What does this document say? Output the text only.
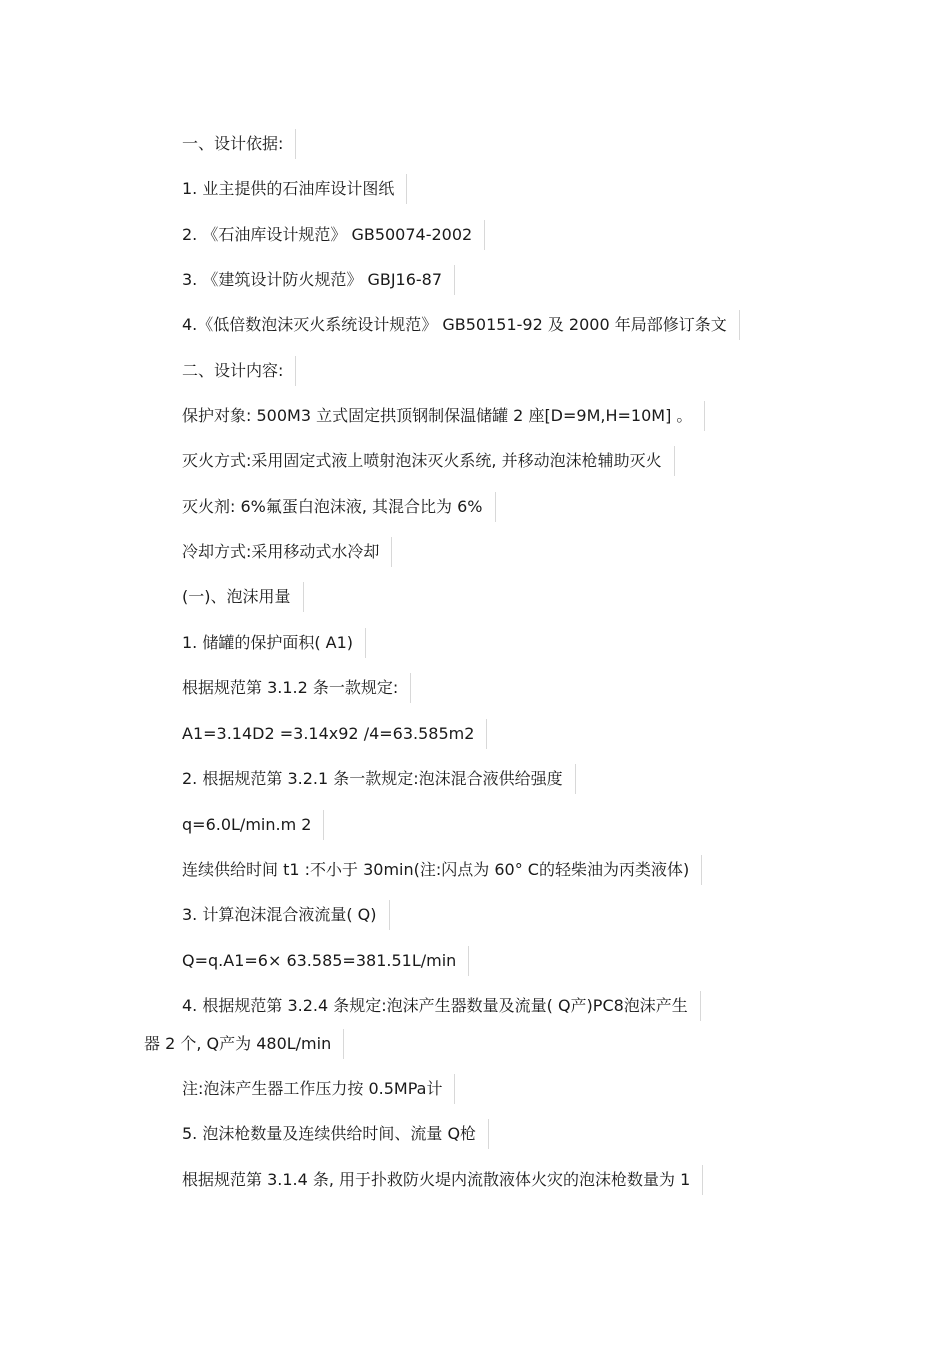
一、设计依据:
1. 业主提供的石油库设计图纸
2. 《石油库设计规范》 GB50074-2002
3. 《建筑设计防火规范》 GBJ16-87
4.《低倍数泡沫灭火系统设计规范》 GB50151-92 及 2000 年局部修订条文
二、设计内容:
保护对象: 500M3 立式固定拱顶钢制保温储罐 2 座[D=9M,H=10M] 。
灭火方式:采用固定式液上喷射泡沫灭火系统, 并移动泡沫枪辅助灭火
灭火剂: 6%氟蛋白泡沫液, 其混合比为 6%
冷却方式:采用移动式水冷却
(一)、泡沫用量
1. 储罐的保护面积( A1)
根据规范第 3.1.2 条一款规定:
A1=3.14D2 =3.14x92 /4=63.585m2
2. 根据规范第 3.2.1 条一款规定:泡沫混合液供给强度
q=6.0L/min.m 2
连续供给时间 t1 :不小于 30min(注:闪点为 60° C的轻柴油为丙类液体)
3. 计算泡沫混合液流量( Q)
Q=q.A1=6× 63.585=381.51L/min
4. 根据规范第 3.2.4 条规定:泡沫产生器数量及流量( Q产)PC8泡沫产生
器 2 个, Q产为 480L/min
注:泡沫产生器工作压力按 0.5MPa计
5. 泡沫枪数量及连续供给时间、流量 Q枪
根据规范第 3.1.4 条, 用于扑救防火堤内流散液体火灾的泡沫枪数量为 1
